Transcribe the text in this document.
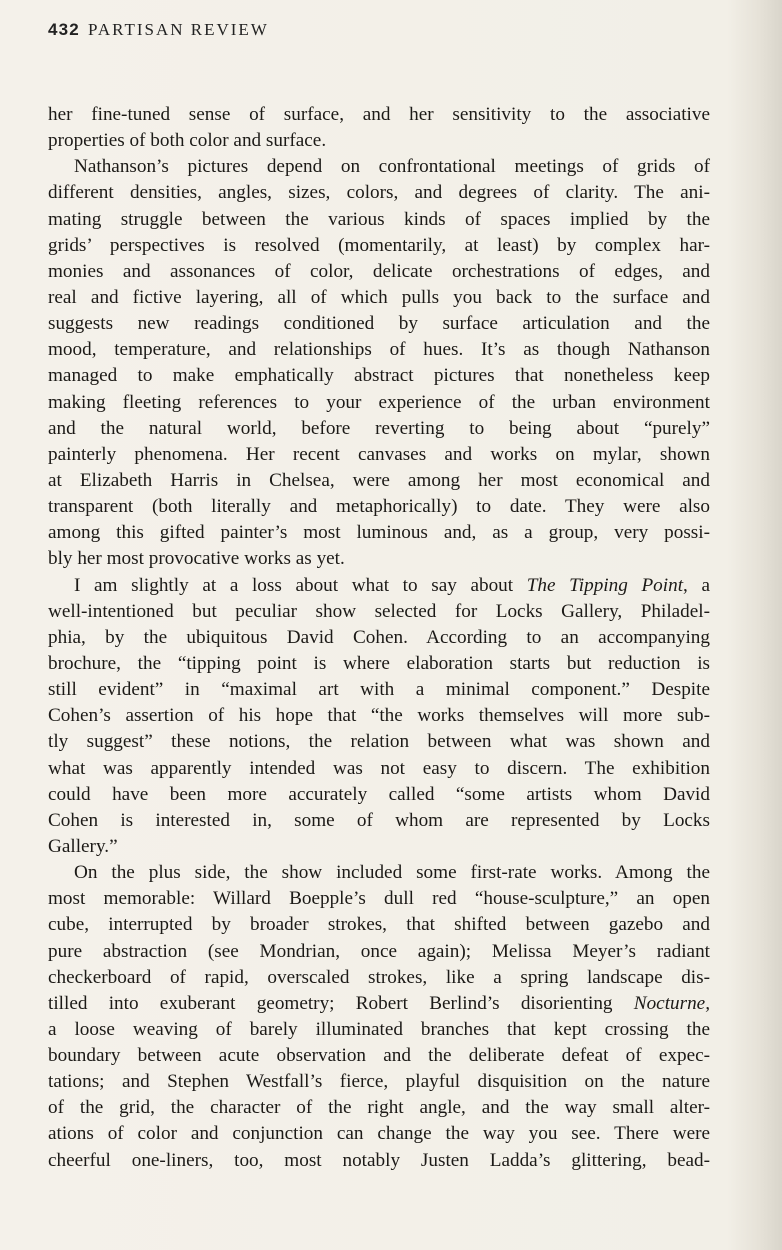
432 PARTISAN REVIEW
her fine-tuned sense of surface, and her sensitivity to the associative
properties of both color and surface.
Nathanson’s pictures depend on confrontational meetings of grids of
different densities, angles, sizes, colors, and degrees of clarity. The ani-
mating struggle between the various kinds of spaces implied by the
grids’ perspectives is resolved (momentarily, at least) by complex har-
monies and assonances of color, delicate orchestrations of edges, and
real and fictive layering, all of which pulls you back to the surface and
suggests new readings conditioned by surface articulation and the
mood, temperature, and relationships of hues. It’s as though Nathanson
managed to make emphatically abstract pictures that nonetheless keep
making fleeting references to your experience of the urban environment
and the natural world, before reverting to being about “purely”
painterly phenomena. Her recent canvases and works on mylar, shown
at Elizabeth Harris in Chelsea, were among her most economical and
transparent (both literally and metaphorically) to date. They were also
among this gifted painter’s most luminous and, as a group, very possi-
bly her most provocative works as yet.
I am slightly at a loss about what to say about The Tipping Point, a
well-intentioned but peculiar show selected for Locks Gallery, Philadel-
phia, by the ubiquitous David Cohen. According to an accompanying
brochure, the “tipping point is where elaboration starts but reduction is
still evident” in “maximal art with a minimal component.” Despite
Cohen’s assertion of his hope that “the works themselves will more sub-
tly suggest” these notions, the relation between what was shown and
what was apparently intended was not easy to discern. The exhibition
could have been more accurately called “some artists whom David
Cohen is interested in, some of whom are represented by Locks
Gallery.”
On the plus side, the show included some first-rate works. Among the
most memorable: Willard Boepple’s dull red “house-sculpture,” an open
cube, interrupted by broader strokes, that shifted between gazebo and
pure abstraction (see Mondrian, once again); Melissa Meyer’s radiant
checkerboard of rapid, overscaled strokes, like a spring landscape dis-
tilled into exuberant geometry; Robert Berlind’s disorienting Nocturne,
a loose weaving of barely illuminated branches that kept crossing the
boundary between acute observation and the deliberate defeat of expec-
tations; and Stephen Westfall’s fierce, playful disquisition on the nature
of the grid, the character of the right angle, and the way small alter-
ations of color and conjunction can change the way you see. There were
cheerful one-liners, too, most notably Justen Ladda’s glittering, bead-
